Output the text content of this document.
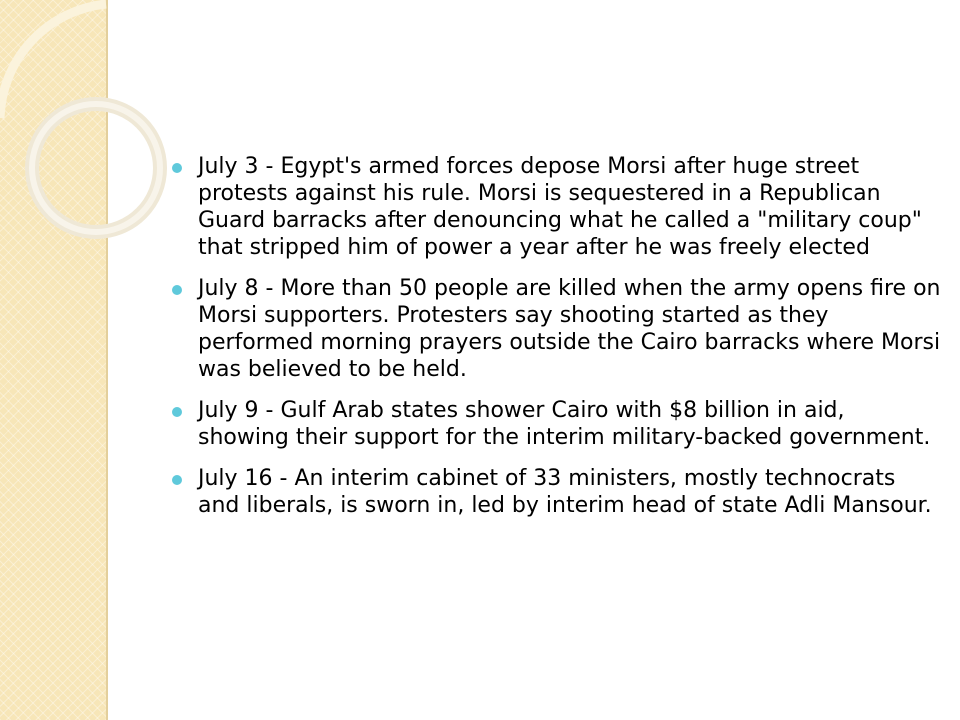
July 3 - Egypt's armed forces depose Morsi after huge street protests against his rule. Morsi is sequestered in a Republican Guard barracks after denouncing what he called a "military coup" that stripped him of power a year after he was freely elected
July 8 - More than 50 people are killed when the army opens fire on Morsi supporters. Protesters say shooting started as they performed morning prayers outside the Cairo barracks where Morsi was believed to be held.
July 9 - Gulf Arab states shower Cairo with $8 billion in aid, showing their support for the interim military-backed government.
July 16 - An interim cabinet of 33 ministers, mostly technocrats and liberals, is sworn in, led by interim head of state Adli Mansour.
